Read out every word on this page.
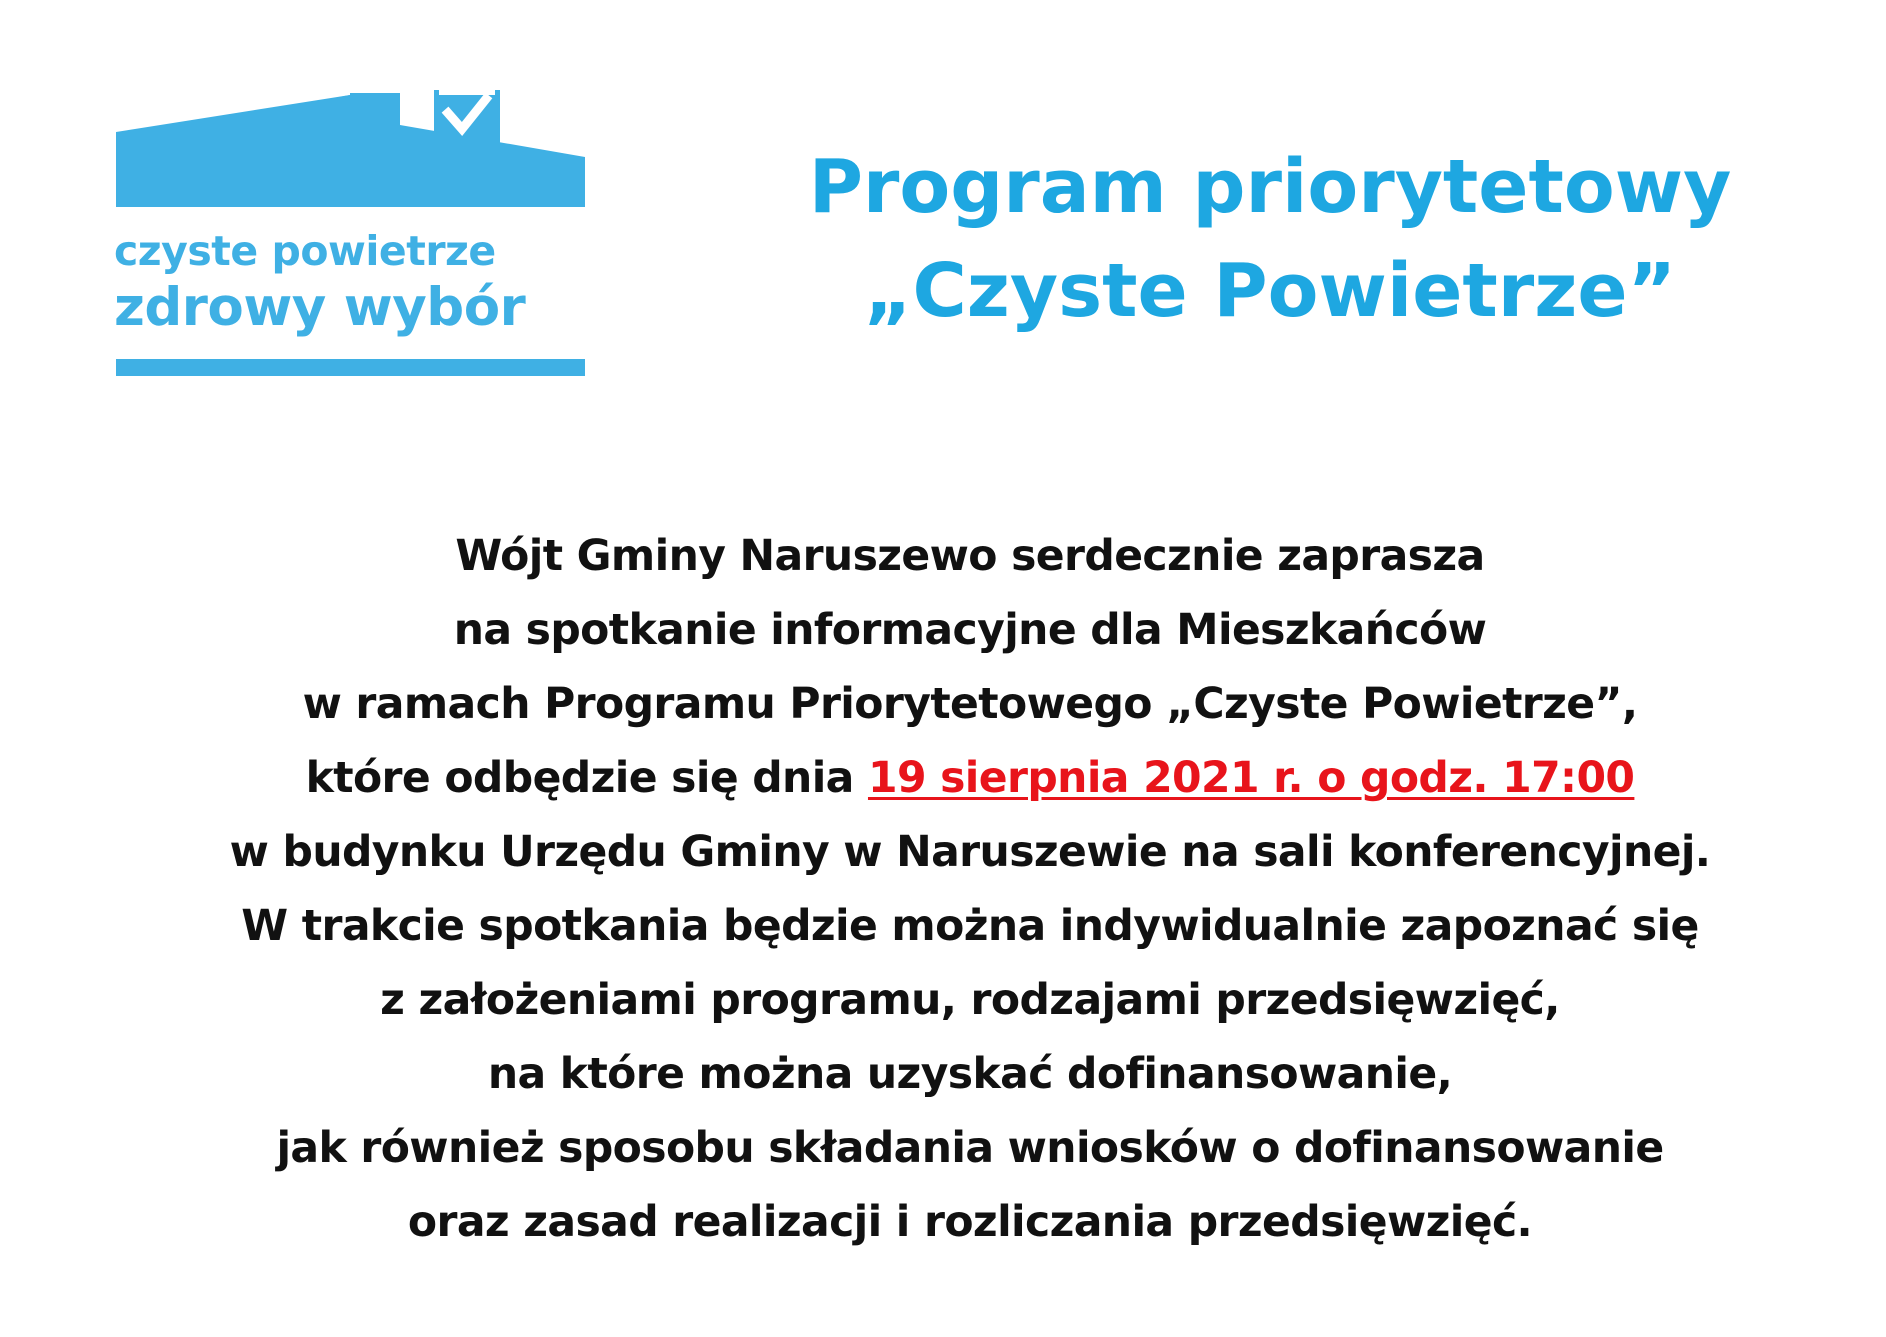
czyste powietrze
zdrowy wybór
Program priorytetowy
„Czyste Powietrze”
Wójt Gminy Naruszewo serdecznie zaprasza
na spotkanie informacyjne dla Mieszkańców
w ramach Programu Priorytetowego „Czyste Powietrze”,
które odbędzie się dnia 19 sierpnia 2021 r. o godz. 17:00
w budynku Urzędu Gminy w Naruszewie na sali konferencyjnej.
W trakcie spotkania będzie można indywidualnie zapoznać się
z założeniami programu, rodzajami przedsięwzięć,
na które można uzyskać dofinansowanie,
jak również sposobu składania wniosków o dofinansowanie
oraz zasad realizacji i rozliczania przedsięwzięć.
